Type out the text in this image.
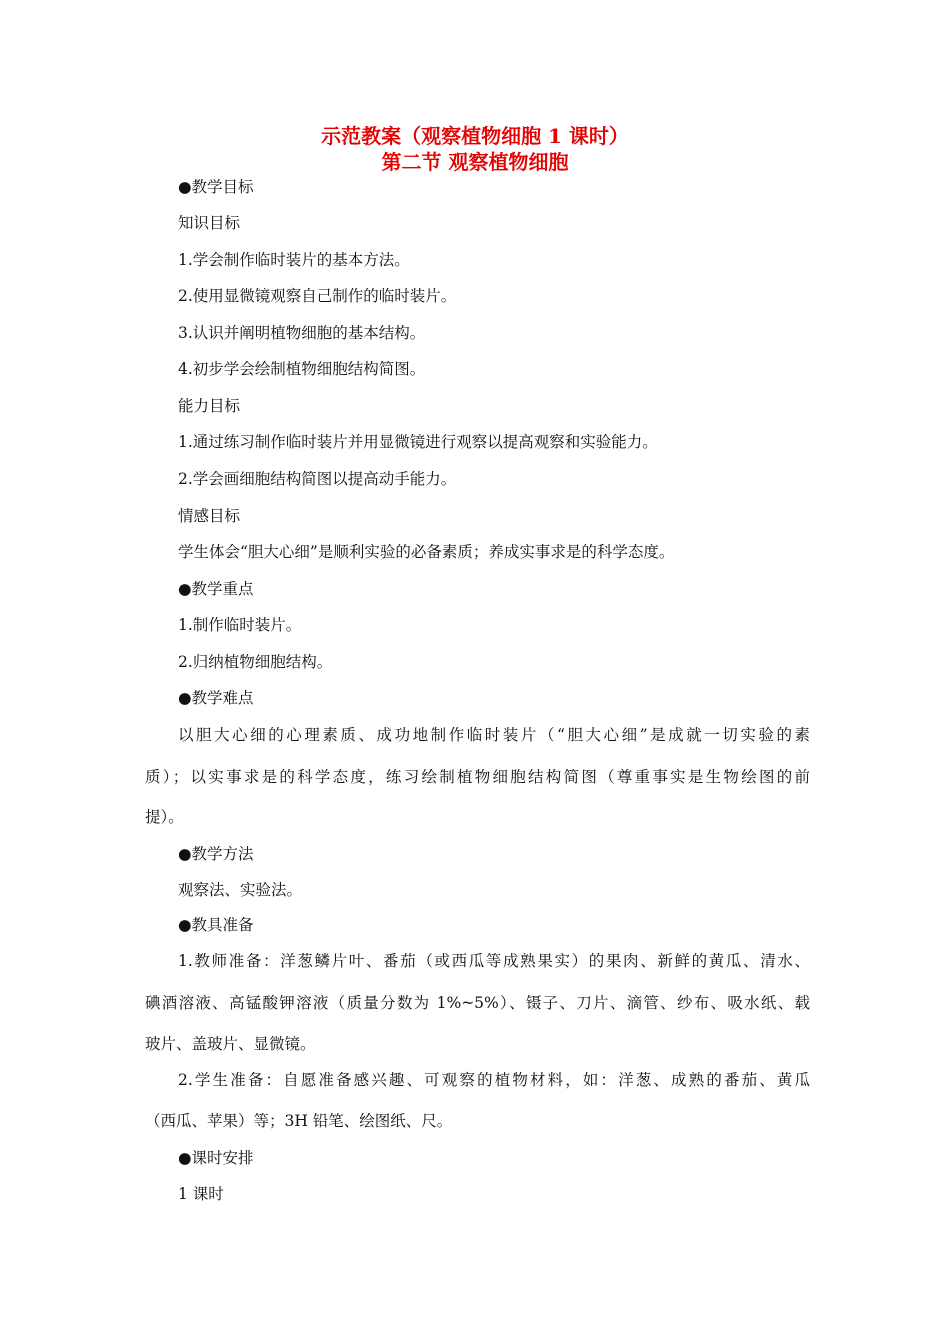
示范教案（观察植物细胞 1 课时）
第二节 观察植物细胞

●教学目标

知识目标

1.学会制作临时装片的基本方法。

2.使用显微镜观察自己制作的临时装片。

3.认识并阐明植物细胞的基本结构。

4.初步学会绘制植物细胞结构简图。

能力目标

1.通过练习制作临时装片并用显微镜进行观察以提高观察和实验能力。

2.学会画细胞结构简图以提高动手能力。

情感目标

学生体会“胆大心细”是顺利实验的必备素质；养成实事求是的科学态度。

●教学重点

1.制作临时装片。

2.归纳植物细胞结构。

●教学难点

以胆大心细的心理素质、成功地制作临时装片（“胆大心细”是成就一切实验的素

质）；以实事求是的科学态度，练习绘制植物细胞结构简图（尊重事实是生物绘图的前

提）。

●教学方法

观察法、实验法。

●教具准备

1.教师准备：洋葱鳞片叶、番茄（或西瓜等成熟果实）的果肉、新鲜的黄瓜、清水、

碘酒溶液、高锰酸钾溶液（质量分数为 1%~5%）、镊子、刀片、滴管、纱布、吸水纸、载

玻片、盖玻片、显微镜。

2.学生准备：自愿准备感兴趣、可观察的植物材料，如：洋葱、成熟的番茄、黄瓜

（西瓜、苹果）等；3H 铅笔、绘图纸、尺。

●课时安排

1 课时
